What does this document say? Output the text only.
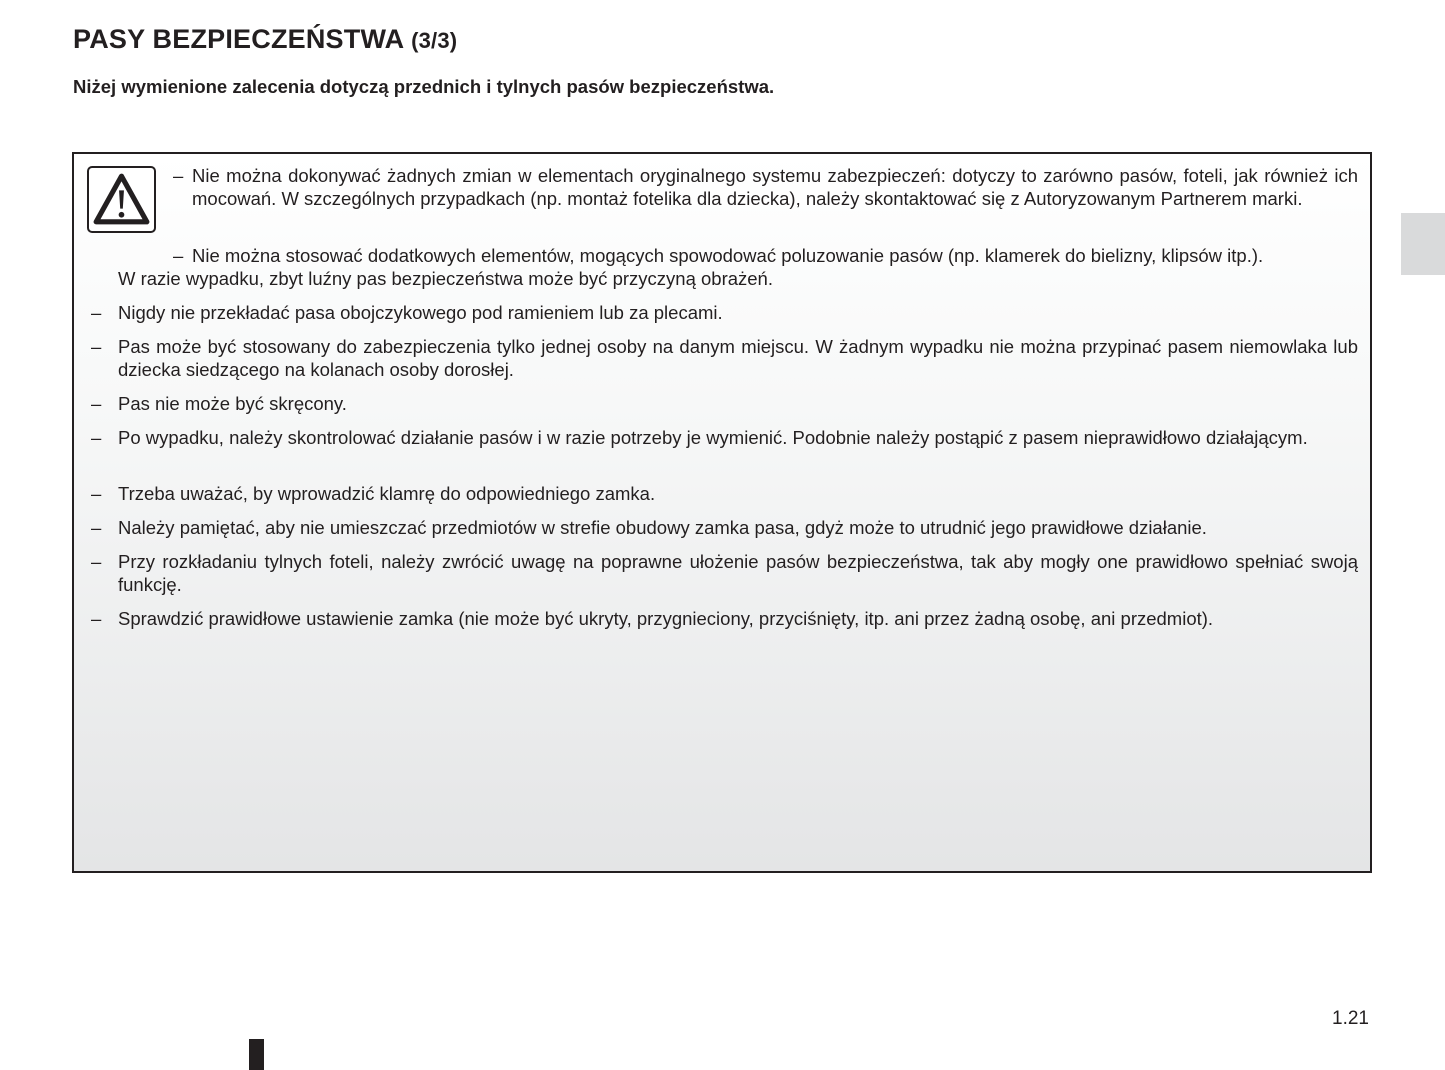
PASY BEZPIECZEŃSTWA (3/3)

Niżej wymienione zalecenia dotyczą przednich i tylnych pasów bezpieczeństwa.

– Nie można dokonywać żadnych zmian w elementach oryginalnego systemu zabezpieczeń: dotyczy to zarówno pasów, foteli, jak również ich mocowań. W szczególnych przypadkach (np. montaż fotelika dla dziecka), należy skontaktować się z Autoryzowanym Partnerem marki.
– Nie można stosować dodatkowych elementów, mogących spowodować poluzowanie pasów (np. klamerek do bielizny, klipsów itp.).
W razie wypadku, zbyt luźny pas bezpieczeństwa może być przyczyną obrażeń.
– Nigdy nie przekładać pasa obojczykowego pod ramieniem lub za plecami.
– Pas może być stosowany do zabezpieczenia tylko jednej osoby na danym miejscu. W żadnym wypadku nie można przypinać pasem niemowlaka lub dziecka siedzącego na kolanach osoby dorosłej.
– Pas nie może być skręcony.
– Po wypadku, należy skontrolować działanie pasów i w razie potrzeby je wymienić. Podobnie należy postąpić z pasem nieprawidłowo działającym.
– Trzeba uważać, by wprowadzić klamrę do odpowiedniego zamka.
– Należy pamiętać, aby nie umieszczać przedmiotów w strefie obudowy zamka pasa, gdyż może to utrudnić jego prawidłowe działanie.
– Przy rozkładaniu tylnych foteli, należy zwrócić uwagę na poprawne ułożenie pasów bezpieczeństwa, tak aby mogły one prawidłowo spełniać swoją funkcję.
– Sprawdzić prawidłowe ustawienie zamka (nie może być ukryty, przygnieciony, przyciśnięty, itp. ani przez żadną osobę, ani przedmiot).
1.21
